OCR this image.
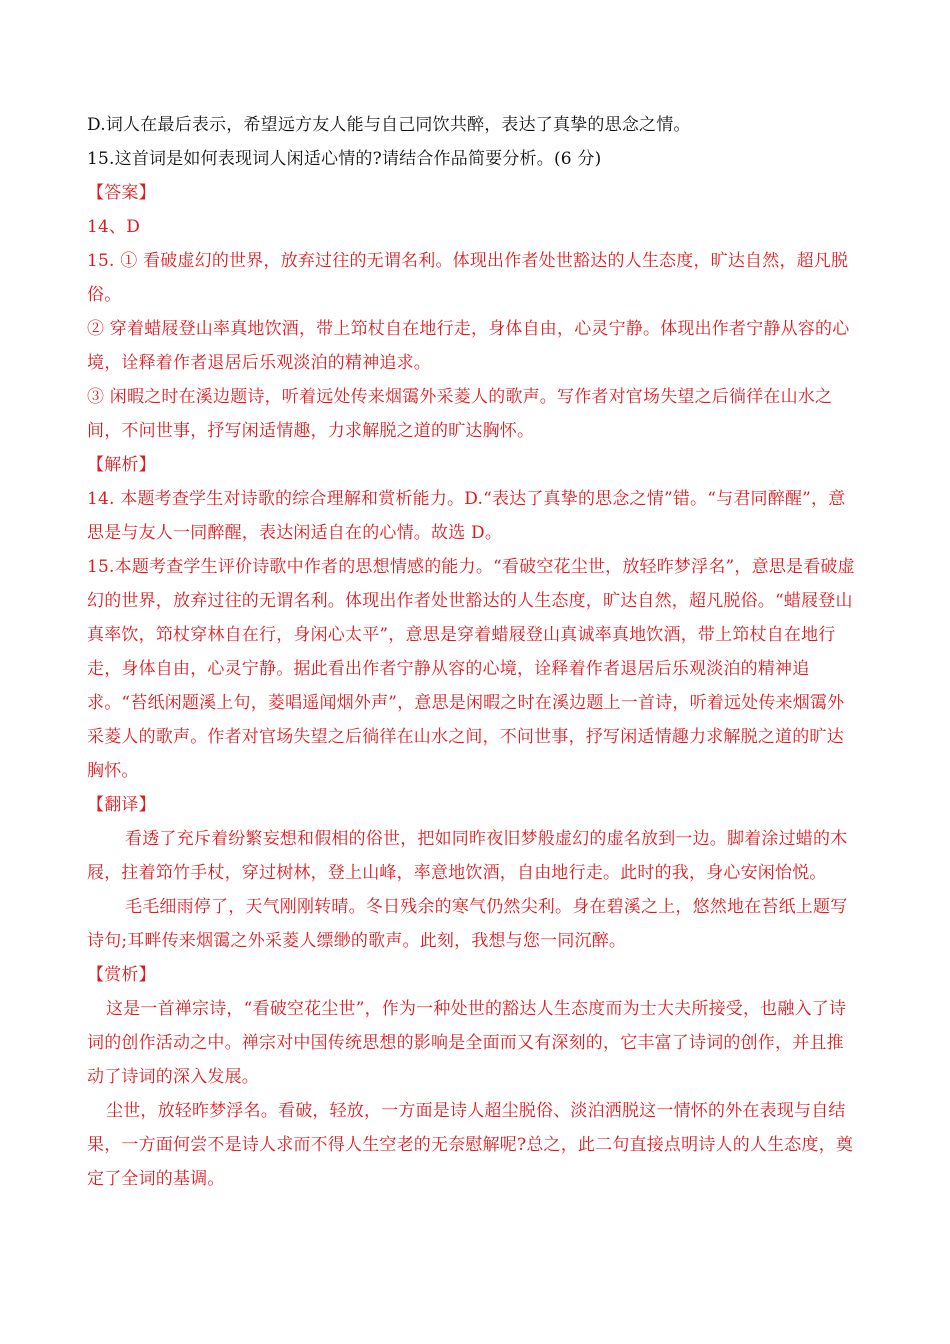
D.词人在最后表示，希望远方友人能与自己同饮共醉，表达了真挚的思念之情。

15.这首词是如何表现词人闲适心情的?请结合作品简要分析。(6 分)

【答案】

14、D

15. ① 看破虚幻的世界，放弃过往的无谓名利。体现出作者处世豁达的人生态度，旷达自然，超凡脱俗。

② 穿着蜡屐登山率真地饮酒，带上笻杖自在地行走，身体自由，心灵宁静。体现出作者宁静从容的心境，诠释着作者退居后乐观淡泊的精神追求。

③ 闲暇之时在溪边题诗，听着远处传来烟霭外采菱人的歌声。写作者对官场失望之后徜徉在山水之间，不问世事，抒写闲适情趣，力求解脱之道的旷达胸怀。

【解析】

14. 本题考查学生对诗歌的综合理解和赏析能力。D.“表达了真挚的思念之情”错。“与君同醉醒”，意思是与友人一同醉醒，表达闲适自在的心情。故选 D。

15.本题考查学生评价诗歌中作者的思想情感的能力。“看破空花尘世，放轻昨梦浮名”，意思是看破虚幻的世界，放弃过往的无谓名利。体现出作者处世豁达的人生态度，旷达自然，超凡脱俗。“蜡屐登山真率饮，笻杖穿林自在行，身闲心太平”，意思是穿着蜡屐登山真诚率真地饮酒，带上笻杖自在地行走，身体自由，心灵宁静。据此看出作者宁静从容的心境，诠释着作者退居后乐观淡泊的精神追求。“苔纸闲题溪上句，菱唱遥闻烟外声”，意思是闲暇之时在溪边题上一首诗，听着远处传来烟霭外采菱人的歌声。作者对官场失望之后徜徉在山水之间，不问世事，抒写闲适情趣力求解脱之道的旷达胸怀。

【翻译】

看透了充斥着纷繁妄想和假相的俗世，把如同昨夜旧梦般虚幻的虚名放到一边。脚着涂过蜡的木屐，拄着笻竹手杖，穿过树林，登上山峰，率意地饮酒，自由地行走。此时的我，身心安闲怡悦。

毛毛细雨停了，天气刚刚转晴。冬日残余的寒气仍然尖利。身在碧溪之上，悠然地在苔纸上题写诗句;耳畔传来烟霭之外采菱人缥缈的歌声。此刻，我想与您一同沉醉。

【赏析】

这是一首禅宗诗，“看破空花尘世”，作为一种处世的豁达人生态度而为士大夫所接受，也融入了诗词的创作活动之中。禅宗对中国传统思想的影响是全面而又有深刻的，它丰富了诗词的创作，并且推动了诗词的深入发展。

尘世，放轻昨梦浮名。看破，轻放，一方面是诗人超尘脱俗、淡泊洒脱这一情怀的外在表现与自结果，一方面何尝不是诗人求而不得人生空老的无奈慰解呢?总之，此二句直接点明诗人的人生态度，奠定了全词的基调。
